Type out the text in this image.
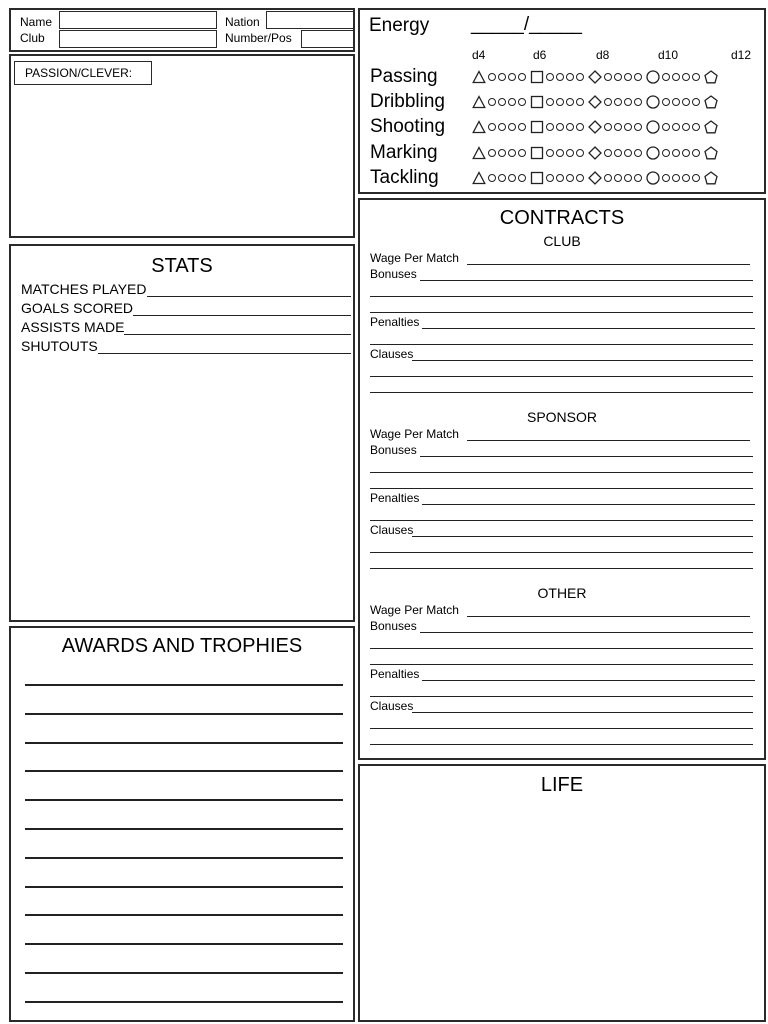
Name
Club
Nation
Number/Pos
PASSION/CLEVER:
STATS
MATCHES PLAYED
GOALS SCORED
ASSISTS MADE
SHUTOUTS
AWARDS AND TROPHIES
Energy _____/_____
d4	d6	d8	d10	d12
Passing
Dribbling
Shooting
Marking
Tackling
CONTRACTS
CLUB
Wage Per Match
Bonuses
Penalties
Clauses
SPONSOR
Wage Per Match
Bonuses
Penalties
Clauses
OTHER
Wage Per Match
Bonuses
Penalties
Clauses
LIFE
